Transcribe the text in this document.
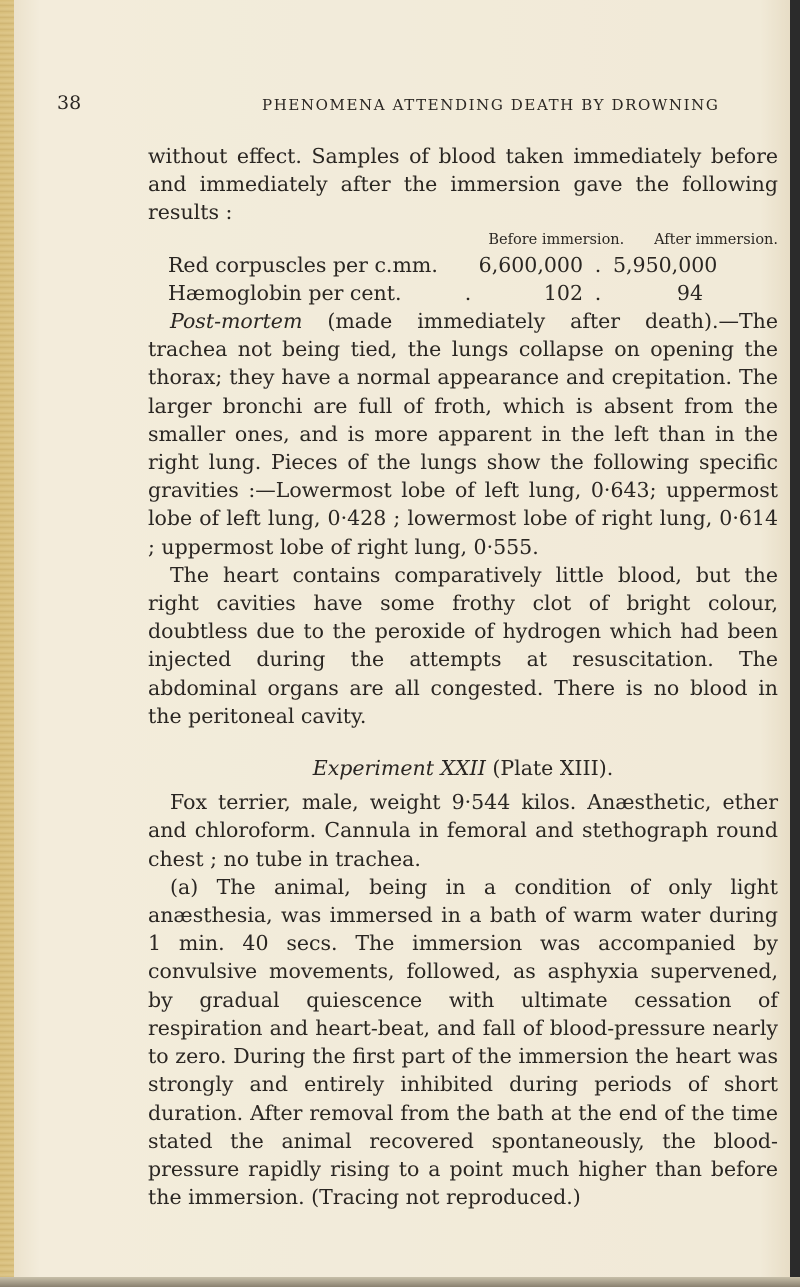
38	PHENOMENA ATTENDING DEATH BY DROWNING

without effect. Samples of blood taken immediately before and immediately after the immersion gave the following results :

Before immersion.	After immersion.
Red corpuscles per c.mm.	6,600,000 . 5,950,000
Hæmoglobin per cent.	.	102 .	94

Post-mortem (made immediately after death).—The trachea not being tied, the lungs collapse on opening the thorax; they have a normal appearance and crepitation. The larger bronchi are full of froth, which is absent from the smaller ones, and is more apparent in the left than in the right lung. Pieces of the lungs show the following specific gravities :—Lowermost lobe of left lung, 0·643; uppermost lobe of left lung, 0·428 ; lowermost lobe of right lung, 0·614 ; uppermost lobe of right lung, 0·555.

The heart contains comparatively little blood, but the right cavities have some frothy clot of bright colour, doubtless due to the peroxide of hydrogen which had been injected during the attempts at resuscitation. The abdominal organs are all congested. There is no blood in the peritoneal cavity.

Experiment XXII (Plate XIII).

Fox terrier, male, weight 9·544 kilos. Anæsthetic, ether and chloroform. Cannula in femoral and stethograph round chest ; no tube in trachea.

(a) The animal, being in a condition of only light anæsthesia, was immersed in a bath of warm water during 1 min. 40 secs. The immersion was accompanied by convulsive movements, followed, as asphyxia supervened, by gradual quiescence with ultimate cessation of respiration and heart-beat, and fall of blood-pressure nearly to zero. During the first part of the immersion the heart was strongly and entirely inhibited during periods of short duration. After removal from the bath at the end of the time stated the animal recovered spontaneously, the blood-pressure rapidly rising to a point much higher than before the immersion. (Tracing not reproduced.)
